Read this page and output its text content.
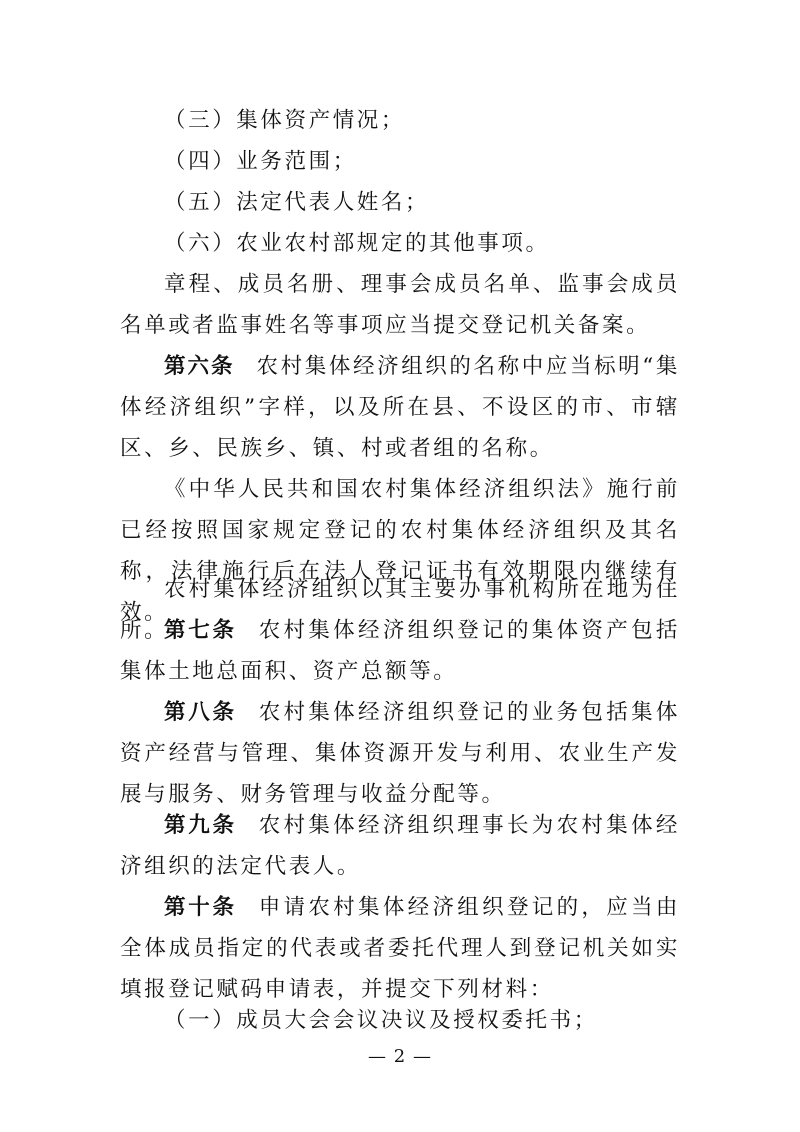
（三）集体资产情况；

（四）业务范围；

（五）法定代表人姓名；

（六）农业农村部规定的其他事项。

章程、成员名册、理事会成员名单、监事会成员名单或者监事姓名等事项应当提交登记机关备案。

第六条 农村集体经济组织的名称中应当标明“集体经济组织”字样，以及所在县、不设区的市、市辖区、乡、民族乡、镇、村或者组的名称。

《中华人民共和国农村集体经济组织法》施行前已经按照国家规定登记的农村集体经济组织及其名称，法律施行后在法人登记证书有效期限内继续有效。

农村集体经济组织以其主要办事机构所在地为住所。

第七条 农村集体经济组织登记的集体资产包括集体土地总面积、资产总额等。

第八条 农村集体经济组织登记的业务包括集体资产经营与管理、集体资源开发与利用、农业生产发展与服务、财务管理与收益分配等。

第九条 农村集体经济组织理事长为农村集体经济组织的法定代表人。

第十条 申请农村集体经济组织登记的，应当由全体成员指定的代表或者委托代理人到登记机关如实填报登记赋码申请表，并提交下列材料：

（一）成员大会会议决议及授权委托书；

— 2 —
